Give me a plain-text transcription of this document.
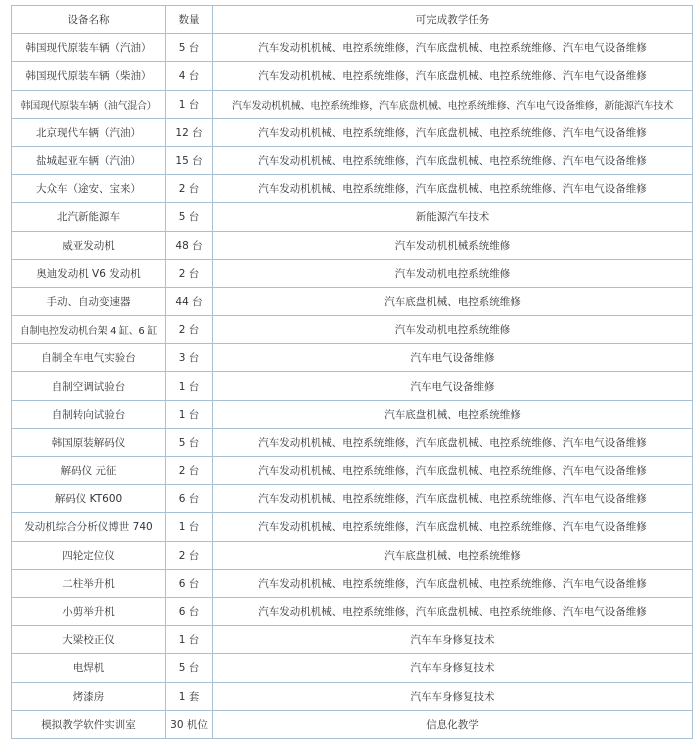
设备名称	数量	可完成教学任务
韩国现代原装车辆（汽油）	5 台	汽车发动机机械、电控系统维修，汽车底盘机械、电控系统维修、汽车电气设备维修
韩国现代原装车辆（柴油）	4 台	汽车发动机机械、电控系统维修，汽车底盘机械、电控系统维修、汽车电气设备维修
韩国现代原装车辆（油气混合）	1 台	汽车发动机机械、电控系统维修，汽车底盘机械、电控系统维修、汽车电气设备维修，新能源汽车技术
北京现代车辆（汽油）	12 台	汽车发动机机械、电控系统维修，汽车底盘机械、电控系统维修、汽车电气设备维修
盐城起亚车辆（汽油）	15 台	汽车发动机机械、电控系统维修，汽车底盘机械、电控系统维修、汽车电气设备维修
大众车（途安、宝来）	2 台	汽车发动机机械、电控系统维修，汽车底盘机械、电控系统维修、汽车电气设备维修
北汽新能源车	5 台	新能源汽车技术
威亚发动机	48 台	汽车发动机机械系统维修
奥迪发动机 V6 发动机	2 台	汽车发动机电控系统维修
手动、自动变速器	44 台	汽车底盘机械、电控系统维修
自制电控发动机台架 4 缸、6 缸	2 台	汽车发动机电控系统维修
自制全车电气实验台	3 台	汽车电气设备维修
自制空调试验台	1 台	汽车电气设备维修
自制转向试验台	1 台	汽车底盘机械、电控系统维修
韩国原装解码仪	5 台	汽车发动机机械、电控系统维修，汽车底盘机械、电控系统维修、汽车电气设备维修
解码仪 元征	2 台	汽车发动机机械、电控系统维修，汽车底盘机械、电控系统维修、汽车电气设备维修
解码仪 KT600	6 台	汽车发动机机械、电控系统维修，汽车底盘机械、电控系统维修、汽车电气设备维修
发动机综合分析仪博世 740	1 台	汽车发动机机械、电控系统维修，汽车底盘机械、电控系统维修、汽车电气设备维修
四轮定位仪	2 台	汽车底盘机械、电控系统维修
二柱举升机	6 台	汽车发动机机械、电控系统维修，汽车底盘机械、电控系统维修、汽车电气设备维修
小剪举升机	6 台	汽车发动机机械、电控系统维修，汽车底盘机械、电控系统维修、汽车电气设备维修
大梁校正仪	1 台	汽车车身修复技术
电焊机	5 台	汽车车身修复技术
烤漆房	1 套	汽车车身修复技术
模拟教学软件实训室	30 机位	信息化教学
